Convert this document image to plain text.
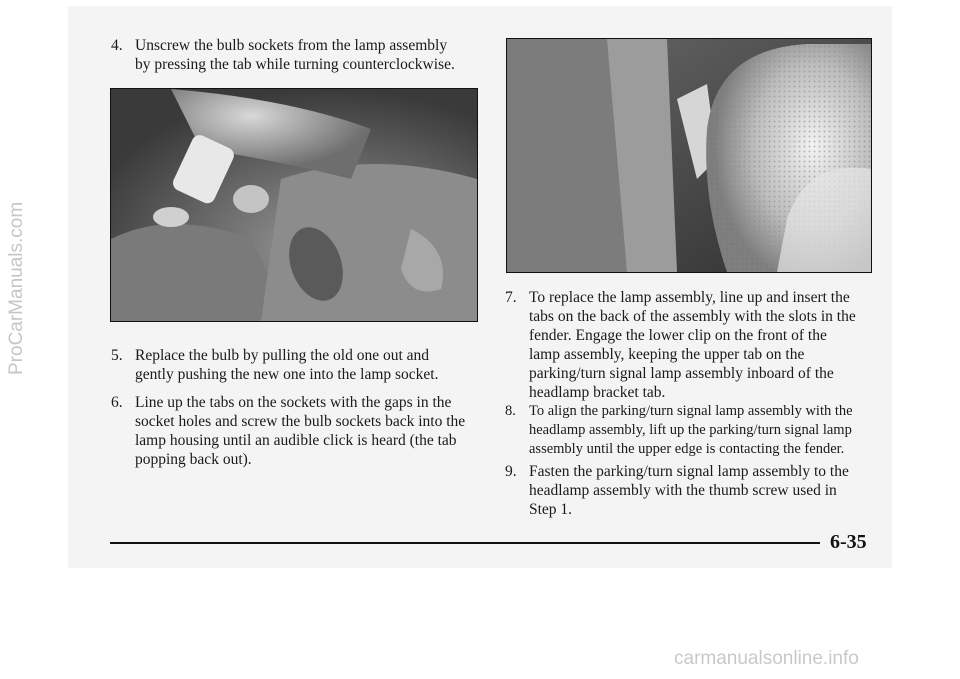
4. Unscrew the bulb sockets from the lamp assembly
by pressing the tab while turning counterclockwise.
5. Replace the bulb by pulling the old one out and
gently pushing the new one into the lamp socket.
6. Line up the tabs on the sockets with the gaps in the
socket holes and screw the bulb sockets back into the
lamp housing until an audible click is heard (the tab
popping back out).
7. To replace the lamp assembly, line up and insert the
tabs on the back of the assembly with the slots in the
fender. Engage the lower clip on the front of the
lamp assembly, keeping the upper tab on the
parking/turn signal lamp assembly inboard of the
headlamp bracket tab.
8. To align the parking/turn signal lamp assembly with the
headlamp assembly, lift up the parking/turn signal lamp
assembly until the upper edge is contacting the fender.
9. Fasten the parking/turn signal lamp assembly to the
headlamp assembly with the thumb screw used in
Step 1.
6-35
ProCarManuals.com
carmanualsonline.info
